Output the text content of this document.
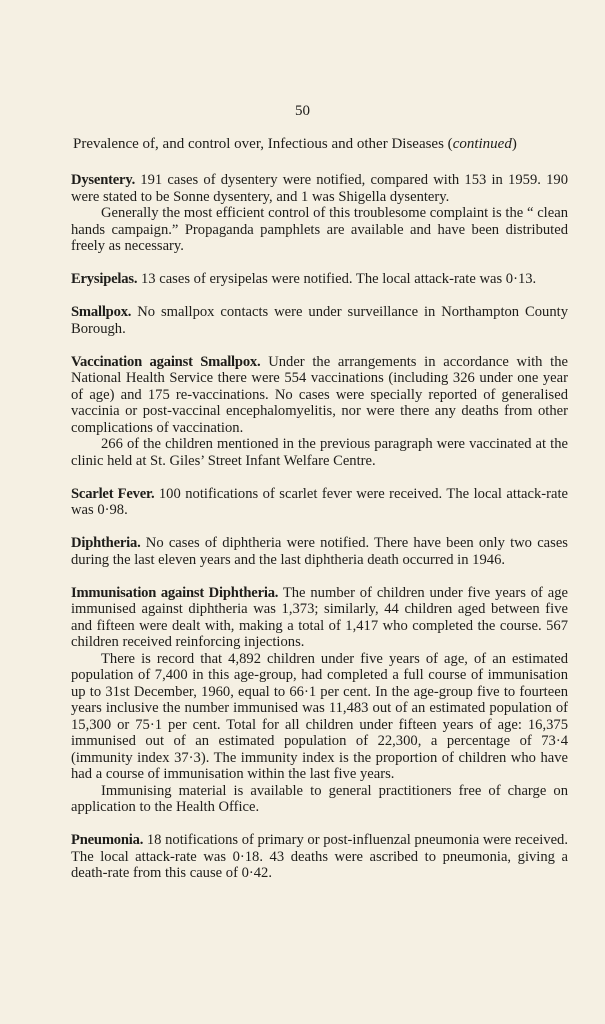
50
Prevalence of, and control over, Infectious and other Diseases (continued)

Dysentery. 191 cases of dysentery were notified, compared with 153 in 1959. 190 were stated to be Sonne dysentery, and 1 was Shigella dysentery.

Generally the most efficient control of this troublesome complaint is the “ clean hands campaign.” Propaganda pamphlets are available and have been distributed freely as necessary.

Erysipelas. 13 cases of erysipelas were notified. The local attack-rate was 0·13.

Smallpox. No smallpox contacts were under surveillance in Northampton County Borough.

Vaccination against Smallpox. Under the arrangements in accordance with the National Health Service there were 554 vaccinations (including 326 under one year of age) and 175 re-vaccinations. No cases were specially reported of generalised vaccinia or post-vaccinal encephalomyelitis, nor were there any deaths from other complications of vaccination.

266 of the children mentioned in the previous paragraph were vaccinated at the clinic held at St. Giles’ Street Infant Welfare Centre.

Scarlet Fever. 100 notifications of scarlet fever were received. The local attack-rate was 0·98.

Diphtheria. No cases of diphtheria were notified. There have been only two cases during the last eleven years and the last diphtheria death occurred in 1946.

Immunisation against Diphtheria. The number of children under five years of age immunised against diphtheria was 1,373; similarly, 44 children aged between five and fifteen were dealt with, making a total of 1,417 who completed the course. 567 children received reinforcing injections.

There is record that 4,892 children under five years of age, of an estimated population of 7,400 in this age-group, had completed a full course of immunisation up to 31st December, 1960, equal to 66·1 per cent. In the age-group five to fourteen years inclusive the number immunised was 11,483 out of an estimated population of 15,300 or 75·1 per cent. Total for all children under fifteen years of age: 16,375 immunised out of an estimated population of 22,300, a percentage of 73·4 (immunity index 37·3). The immunity index is the proportion of children who have had a course of immunisation within the last five years.

Immunising material is available to general practitioners free of charge on application to the Health Office.

Pneumonia. 18 notifications of primary or post-influenzal pneumonia were received. The local attack-rate was 0·18. 43 deaths were ascribed to pneumonia, giving a death-rate from this cause of 0·42.
